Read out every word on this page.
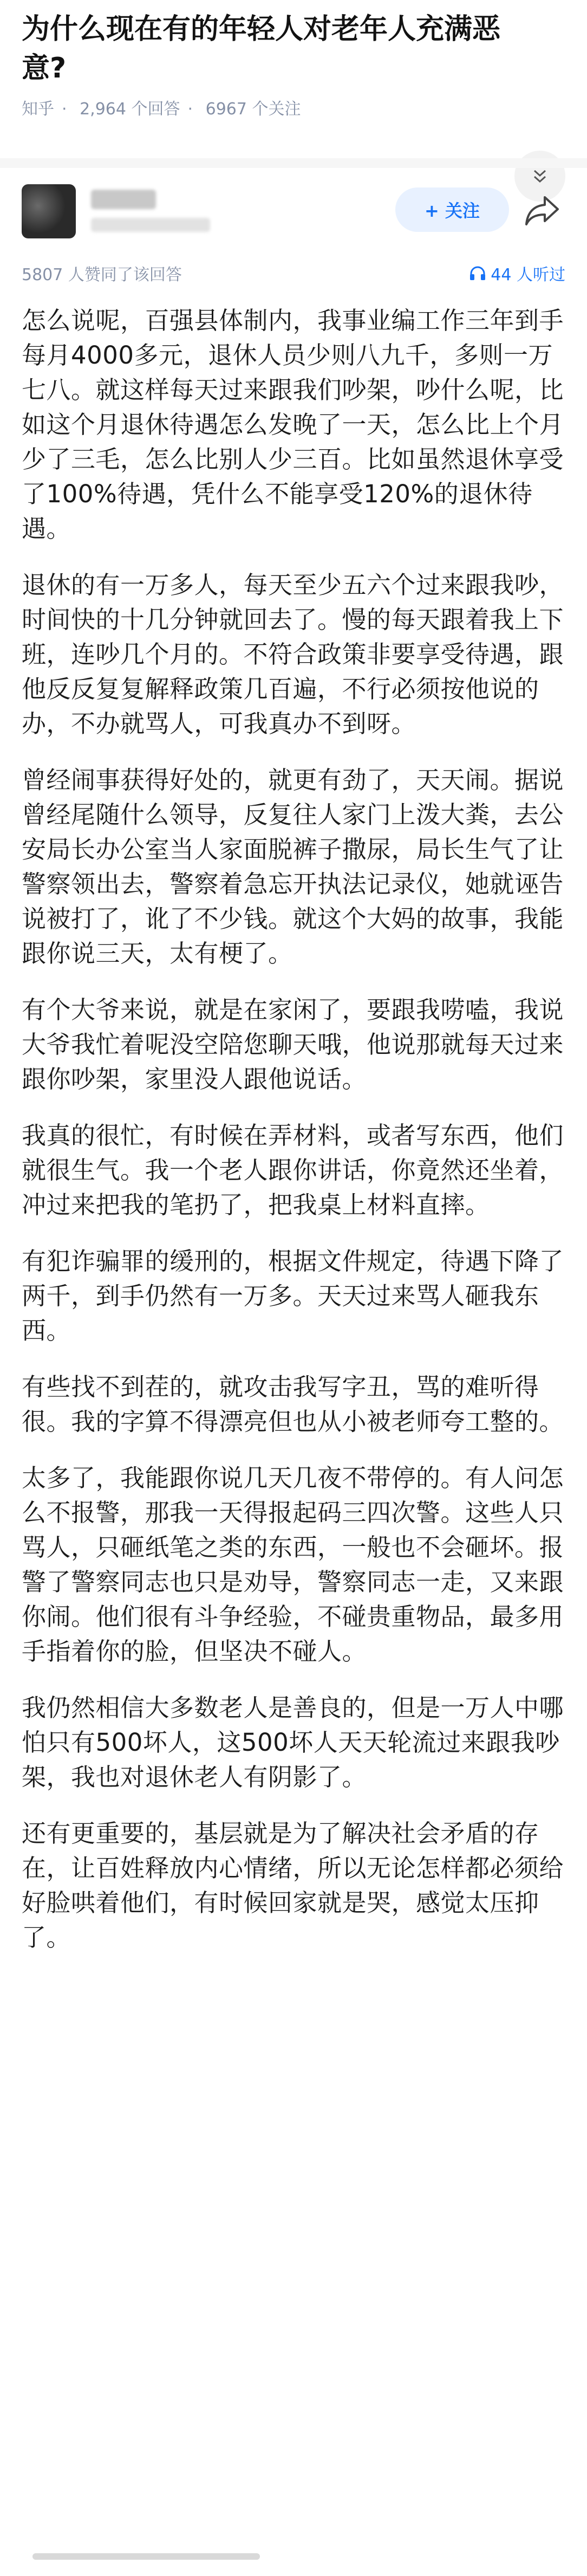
为什么现在有的年轻人对老年人充满恶意?
知乎 · 2,964 个回答 · 6967 个关注
+ 关注
5807 人赞同了该回答	44 人听过

怎么说呢，百强县体制内，我事业编工作三年到手每月4000多元，退休人员少则八九千，多则一万七八。就这样每天过来跟我们吵架，吵什么呢，比如这个月退休待遇怎么发晚了一天，怎么比上个月少了三毛，怎么比别人少三百。比如虽然退休享受了100%待遇，凭什么不能享受120%的退休待遇。

退休的有一万多人，每天至少五六个过来跟我吵，时间快的十几分钟就回去了。慢的每天跟着我上下班，连吵几个月的。不符合政策非要享受待遇，跟他反反复复解释政策几百遍，不行必须按他说的办，不办就骂人，可我真办不到呀。

曾经闹事获得好处的，就更有劲了，天天闹。据说曾经尾随什么领导，反复往人家门上泼大粪，去公安局长办公室当人家面脱裤子撒尿，局长生气了让警察领出去，警察着急忘开执法记录仪，她就诬告说被打了，讹了不少钱。就这个大妈的故事，我能跟你说三天，太有梗了。

有个大爷来说，就是在家闲了，要跟我唠嗑，我说大爷我忙着呢没空陪您聊天哦，他说那就每天过来跟你吵架，家里没人跟他说话。

我真的很忙，有时候在弄材料，或者写东西，他们就很生气。我一个老人跟你讲话，你竟然还坐着，冲过来把我的笔扔了，把我桌上材料直摔。

有犯诈骗罪的缓刑的，根据文件规定，待遇下降了两千，到手仍然有一万多。天天过来骂人砸我东西。

有些找不到茬的，就攻击我写字丑，骂的难听得很。我的字算不得漂亮但也从小被老师夸工整的。

太多了，我能跟你说几天几夜不带停的。有人问怎么不报警，那我一天得报起码三四次警。这些人只骂人，只砸纸笔之类的东西，一般也不会砸坏。报警了警察同志也只是劝导，警察同志一走，又来跟你闹。他们很有斗争经验，不碰贵重物品，最多用手指着你的脸，但坚决不碰人。

我仍然相信大多数老人是善良的，但是一万人中哪怕只有500坏人，这500坏人天天轮流过来跟我吵架，我也对退休老人有阴影了。

还有更重要的，基层就是为了解决社会矛盾的存在，让百姓释放内心情绪，所以无论怎样都必须给好脸哄着他们，有时候回家就是哭，感觉太压抑了。
